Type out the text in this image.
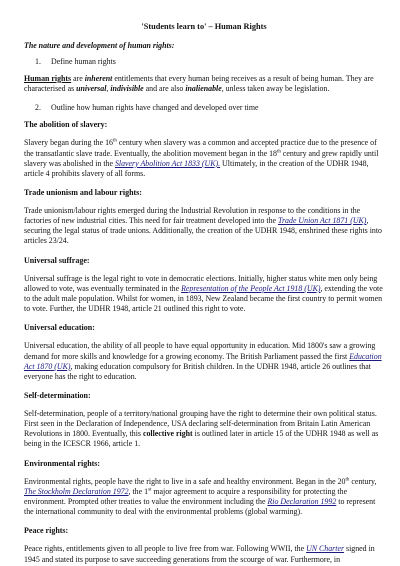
'Students learn to' – Human Rights
The nature and development of human rights:
1. Define human rights

Human rights are inherent entitlements that every human being receives as a result of being human. They are characterised as universal, indivisible and are also inalienable, unless taken away be legislation.

2. Outline how human rights have changed and developed over time
The abolition of slavery:

Slavery began during the 16th century when slavery was a common and accepted practice due to the presence of the transatlantic slave trade. Eventually, the abolition movement began in the 18th century and grew rapidly until slavery was abolished in the Slavery Abolition Act 1833 (UK). Ultimately, in the creation of the UDHR 1948, article 4 prohibits slavery of all forms.

Trade unionism and labour rights:

Trade unionism/labour rights emerged during the Industrial Revolution in response to the conditions in the factories of new industrial cities. This need for fair treatment developed into the Trade Union Act 1871 (UK), securing the legal status of trade unions. Additionally, the creation of the UDHR 1948, enshrined these rights into articles 23/24.

Universal suffrage:

Universal suffrage is the legal right to vote in democratic elections. Initially, higher status white men only being allowed to vote, was eventually terminated in the Representation of the People Act 1918 (UK), extending the vote to the adult male population. Whilst for women, in 1893, New Zealand became the first country to permit women to vote. Further, the UDHR 1948, article 21 outlined this right to vote.

Universal education:

Universal education, the ability of all people to have equal opportunity in education. Mid 1800's saw a growing demand for more skills and knowledge for a growing economy. The British Parliament passed the first Education Act 1870 (UK), making education compulsory for British children. In the UDHR 1948, article 26 outlines that everyone has the right to education.

Self-determination:

Self-determination, people of a territory/national grouping have the right to determine their own political status. First seen in the Declaration of Independence, USA declaring self-determination from Britain Latin American Revolutions in 1800. Eventually, this collective right is outlined later in article 15 of the UDHR 1948 as well as being in the ICESCR 1966, article 1.

Environmental rights:

Environmental rights, people have the right to live in a safe and healthy environment. Began in the 20th century, The Stockholm Declaration 1972, the 1st major agreement to acquire a responsibility for protecting the environment. Prompted other treaties to value the environment including the Rio Declaration 1992 to represent the international community to deal with the environmental problems (global warming).

Peace rights:

Peace rights, entitlements given to all people to live free from war. Following WWII, the UN Charter signed in 1945 and stated its purpose to save succeeding generations from the scourge of war. Furthermore, in
